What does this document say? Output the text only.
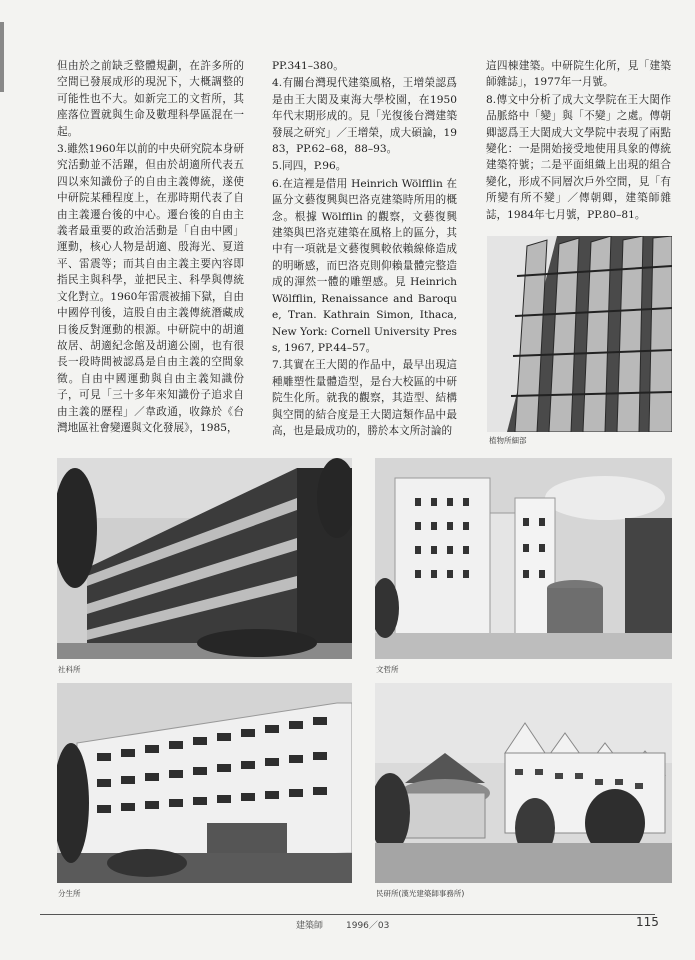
但由於之前缺乏整體規劃，在許多所的空間已發展成形的現況下，大概調整的可能性也不大。如新完工的文哲所，其座落位置就與生命及數理科學區混在一起。

3.雖然1960年以前的中央研究院本身研究活動並不活躍，但由於胡適所代表五四以來知識份子的自由主義傳統，遂使中研院某種程度上，在那時期代表了自由主義遷台後的中心。遷台後的自由主義者最重要的政治活動是「自由中國」運動，核心人物是胡適、殷海光、夏道平、雷震等；而其自由主義主要內容即指民主與科學，並把民主、科學與傳統文化對立。1960年雷震被捕下獄，自由中國停刊後，這股自由主義傳統潛藏成日後反對運動的根源。中研院中的胡適故居、胡適紀念館及胡適公園，也有很長一段時間被認爲是自由主義的空間象徵。自由中國運動與自由主義知識份子，可見「三十多年來知識份子追求自由主義的歷程」／韋政通，收錄於《台灣地區社會變遷與文化發展》，1985，

PP.341–380。

4.有關台灣現代建築風格，王增榮認爲是由王大閎及東海大學校園，在1950年代末期形成的。見「光復後台灣建築發展之研究」／王增榮，成大碩論，1983，PP.62–68，88–93。

5.同四，P.96。

6.在這裡是借用 Heinrich Wölfflin 在區分文藝復興與巴洛克建築時所用的概念。根據 Wölfflin 的觀察，文藝復興建築與巴洛克建築在風格上的區分，其中有一項就是文藝復興較依賴線條造成的明晰感，而巴洛克則仰賴量體完整造成的渾然一體的雕塑感。見 Heinrich Wölfflin, Renaissance and Baroque, Tran. Kathrain Simon, Ithaca, New York: Cornell University Press, 1967, PP.44–57。

7.其實在王大閎的作品中，最早出現這種雕塑性量體造型，是台大校區的中研院生化所。就我的觀察，其造型、結構與空間的結合度是王大閎這類作品中最高，也是最成功的，勝於本文所討論的

這四棟建築。中研院生化所，見「建築師雜誌」，1977年一月號。

8.傳文中分析了成大文學院在王大閎作品脈絡中「變」與「不變」之處。傳朝卿認爲王大閎成大文學院中表現了兩點變化：一是開始接受地使用具象的傳統建築符號；二是平面組織上出現的組合變化，形成不同層次戶外空間，見「有所變有所不變」／傳朝卿，建築師雜誌，1984年七月號，PP.80–81。

植物所細部
社科所	文哲所
分生所	民研所(漢光建築師事務所)
建築師	1996／03	115
